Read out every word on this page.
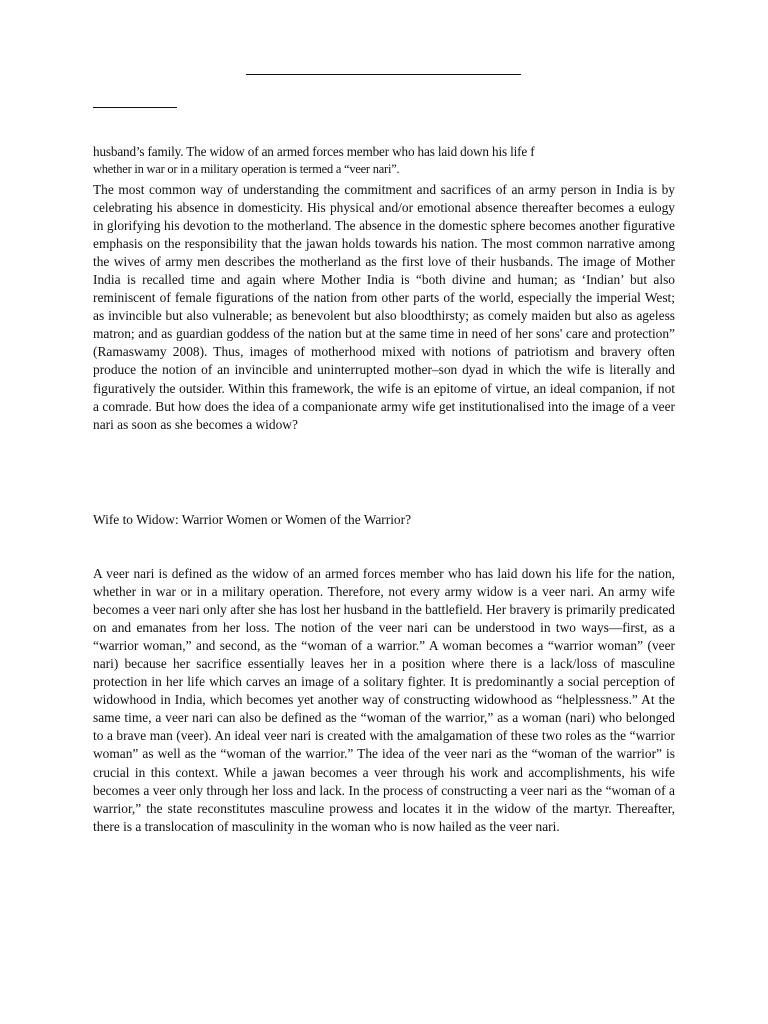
husband’s family. The widow of an armed forces member who has laid down his life f
whether in war or in a military operation is termed a “veer nari”.

The most common way of understanding the commitment and sacrifices of an army person in India is by celebrating his absence in domesticity. His physical and/or emotional absence thereafter becomes a eulogy in glorifying his devotion to the motherland. The absence in the domestic sphere becomes another figurative emphasis on the responsibility that the jawan holds towards his nation. The most common narrative among the wives of army men describes the motherland as the first love of their husbands. The image of Mother India is recalled time and again where Mother India is “both divine and human; as ‘Indian’ but also reminiscent of female figurations of the nation from other parts of the world, especially the imperial West; as invincible but also vulnerable; as benevolent but also bloodthirsty; as comely maiden but also as ageless matron; and as guardian goddess of the nation but at the same time in need of her sons' care and protection” (Ramaswamy 2008). Thus, images of motherhood mixed with notions of patriotism and bravery often produce the notion of an invincible and uninterrupted mother–son dyad in which the wife is literally and figuratively the outsider. Within this framework, the wife is an epitome of virtue, an ideal companion, if not a comrade. But how does the idea of a companionate army wife get institutionalised into the image of a veer nari as soon as she becomes a widow?

Wife to Widow: Warrior Women or Women of the Warrior?

A veer nari is defined as the widow of an armed forces member who has laid down his life for the nation, whether in war or in a military operation. Therefore, not every army widow is a veer nari. An army wife becomes a veer nari only after she has lost her husband in the battlefield. Her bravery is primarily predicated on and emanates from her loss. The notion of the veer nari can be understood in two ways—first, as a “warrior woman,” and second, as the “woman of a warrior.” A woman becomes a “warrior woman” (veer nari) because her sacrifice essentially leaves her in a position where there is a lack/loss of masculine protection in her life which carves an image of a solitary fighter. It is predominantly a social perception of widowhood in India, which becomes yet another way of constructing widowhood as “helplessness.” At the same time, a veer nari can also be defined as the “woman of the warrior,” as a woman (nari) who belonged to a brave man (veer). An ideal veer nari is created with the amalgamation of these two roles as the “warrior woman” as well as the “woman of the warrior.” The idea of the veer nari as the “woman of the warrior” is crucial in this context. While a jawan becomes a veer through his work and accomplishments, his wife becomes a veer only through her loss and lack. In the process of constructing a veer nari as the “woman of a warrior,” the state reconstitutes masculine prowess and locates it in the widow of the martyr. Thereafter, there is a translocation of masculinity in the woman who is now hailed as the veer nari.
